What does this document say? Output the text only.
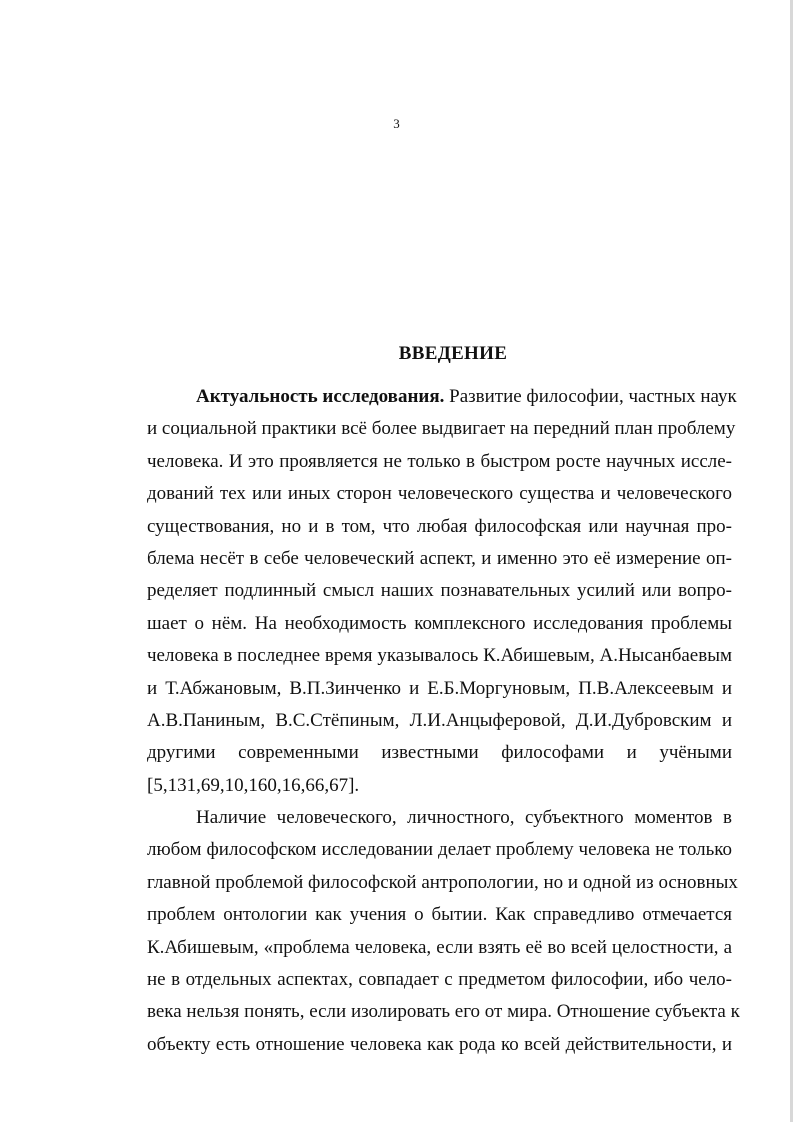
3
ВВЕДЕНИЕ
Актуальность исследования. Развитие философии, частных наук
и социальной практики всё более выдвигает на передний план проблему
человека. И это проявляется не только в быстром росте научных иссле-
дований тех или иных сторон человеческого существа и человеческого
существования, но и в том, что любая философская или научная про-
блема несёт в себе человеческий аспект, и именно это её измерение оп-
ределяет подлинный смысл наших познавательных усилий или вопро-
шает о нём. На необходимость комплексного исследования проблемы
человека в последнее время указывалось К.Абишевым, А.Нысанбаевым
и Т.Абжановым, В.П.Зинченко и Е.Б.Моргуновым, П.В.Алексеевым и
А.В.Паниным, В.С.Стёпиным, Л.И.Анцыферовой, Д.И.Дубровским и
другими современными известными философами и учёными
[5,131,69,10,160,16,66,67].
Наличие человеческого, личностного, субъектного моментов в
любом философском исследовании делает проблему человека не только
главной проблемой философской антропологии, но и одной из основных
проблем онтологии как учения о бытии. Как справедливо отмечается
К.Абишевым, «проблема человека, если взять её во всей целостности, а
не в отдельных аспектах, совпадает с предметом философии, ибо чело-
века нельзя понять, если изолировать его от мира. Отношение субъекта к
объекту есть отношение человека как рода ко всей действительности, и
